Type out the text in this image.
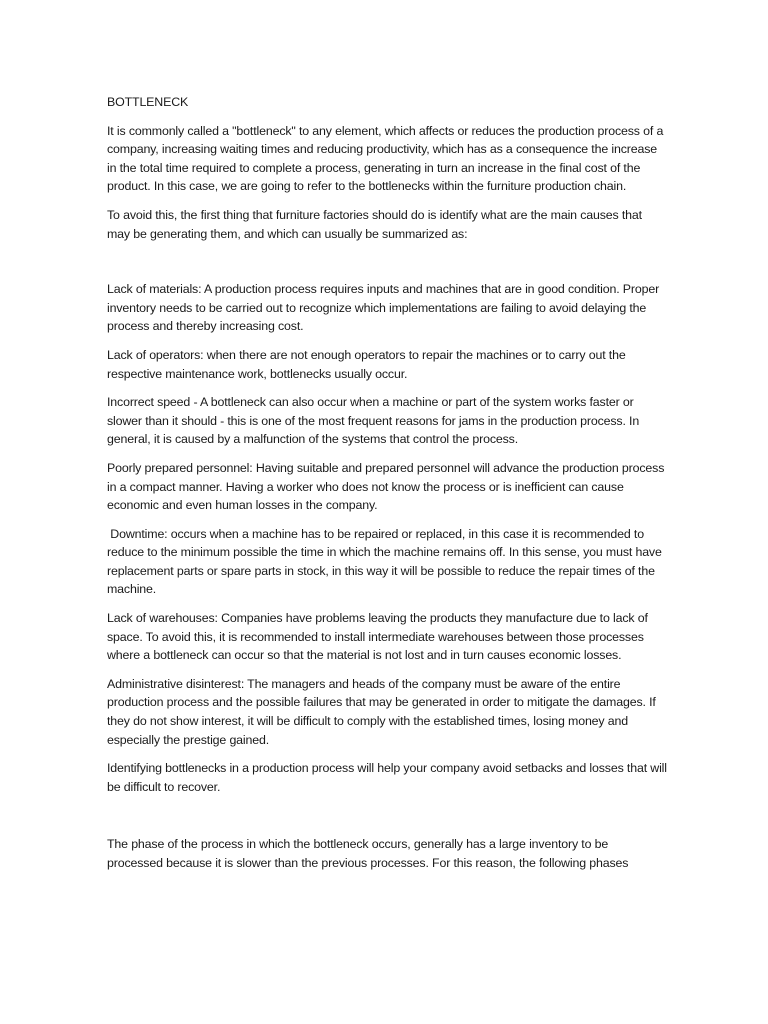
BOTTLENECK

It is commonly called a "bottleneck" to any element, which affects or reduces the production process of a company, increasing waiting times and reducing productivity, which has as a consequence the increase in the total time required to complete a process, generating in turn an increase in the final cost of the product. In this case, we are going to refer to the bottlenecks within the furniture production chain.

To avoid this, the first thing that furniture factories should do is identify what are the main causes that may be generating them, and which can usually be summarized as:

Lack of materials: A production process requires inputs and machines that are in good condition. Proper inventory needs to be carried out to recognize which implementations are failing to avoid delaying the process and thereby increasing cost.

Lack of operators: when there are not enough operators to repair the machines or to carry out the respective maintenance work, bottlenecks usually occur.

Incorrect speed - A bottleneck can also occur when a machine or part of the system works faster or slower than it should - this is one of the most frequent reasons for jams in the production process. In general, it is caused by a malfunction of the systems that control the process.

Poorly prepared personnel: Having suitable and prepared personnel will advance the production process in a compact manner. Having a worker who does not know the process or is inefficient can cause economic and even human losses in the company.

Downtime: occurs when a machine has to be repaired or replaced, in this case it is recommended to reduce to the minimum possible the time in which the machine remains off. In this sense, you must have replacement parts or spare parts in stock, in this way it will be possible to reduce the repair times of the machine.

Lack of warehouses: Companies have problems leaving the products they manufacture due to lack of space. To avoid this, it is recommended to install intermediate warehouses between those processes where a bottleneck can occur so that the material is not lost and in turn causes economic losses.

Administrative disinterest: The managers and heads of the company must be aware of the entire production process and the possible failures that may be generated in order to mitigate the damages. If they do not show interest, it will be difficult to comply with the established times, losing money and especially the prestige gained.

Identifying bottlenecks in a production process will help your company avoid setbacks and losses that will be difficult to recover.

The phase of the process in which the bottleneck occurs, generally has a large inventory to be processed because it is slower than the previous processes. For this reason, the following phases
